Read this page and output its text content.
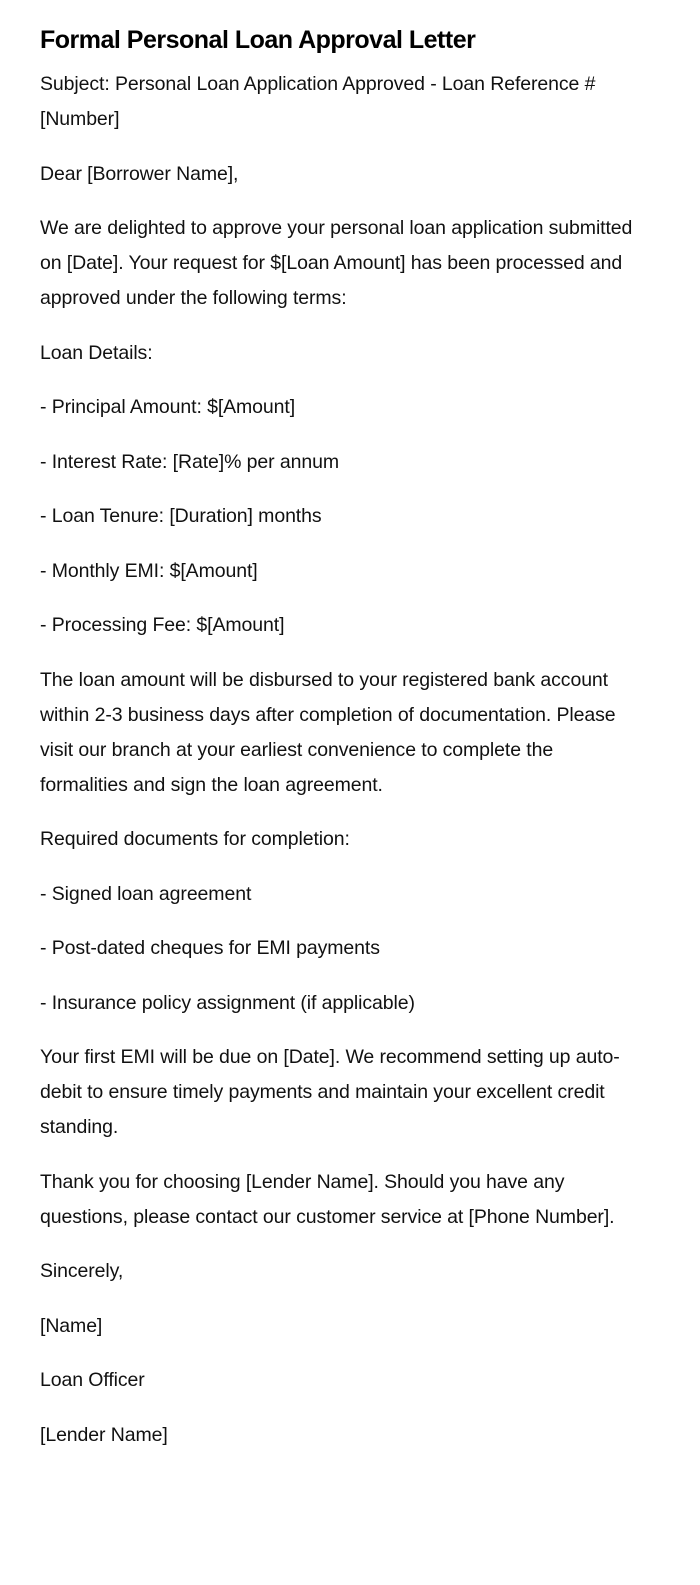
Formal Personal Loan Approval Letter

Subject: Personal Loan Application Approved - Loan Reference #[Number]

Dear [Borrower Name],

We are delighted to approve your personal loan application submitted on [Date]. Your request for $[Loan Amount] has been processed and approved under the following terms:

Loan Details:

- Principal Amount: $[Amount]

- Interest Rate: [Rate]% per annum

- Loan Tenure: [Duration] months

- Monthly EMI: $[Amount]

- Processing Fee: $[Amount]

The loan amount will be disbursed to your registered bank account within 2-3 business days after completion of documentation. Please visit our branch at your earliest convenience to complete the formalities and sign the loan agreement.

Required documents for completion:

- Signed loan agreement

- Post-dated cheques for EMI payments

- Insurance policy assignment (if applicable)

Your first EMI will be due on [Date]. We recommend setting up auto-debit to ensure timely payments and maintain your excellent credit standing.

Thank you for choosing [Lender Name]. Should you have any questions, please contact our customer service at [Phone Number].

Sincerely,

[Name]

Loan Officer

[Lender Name]
